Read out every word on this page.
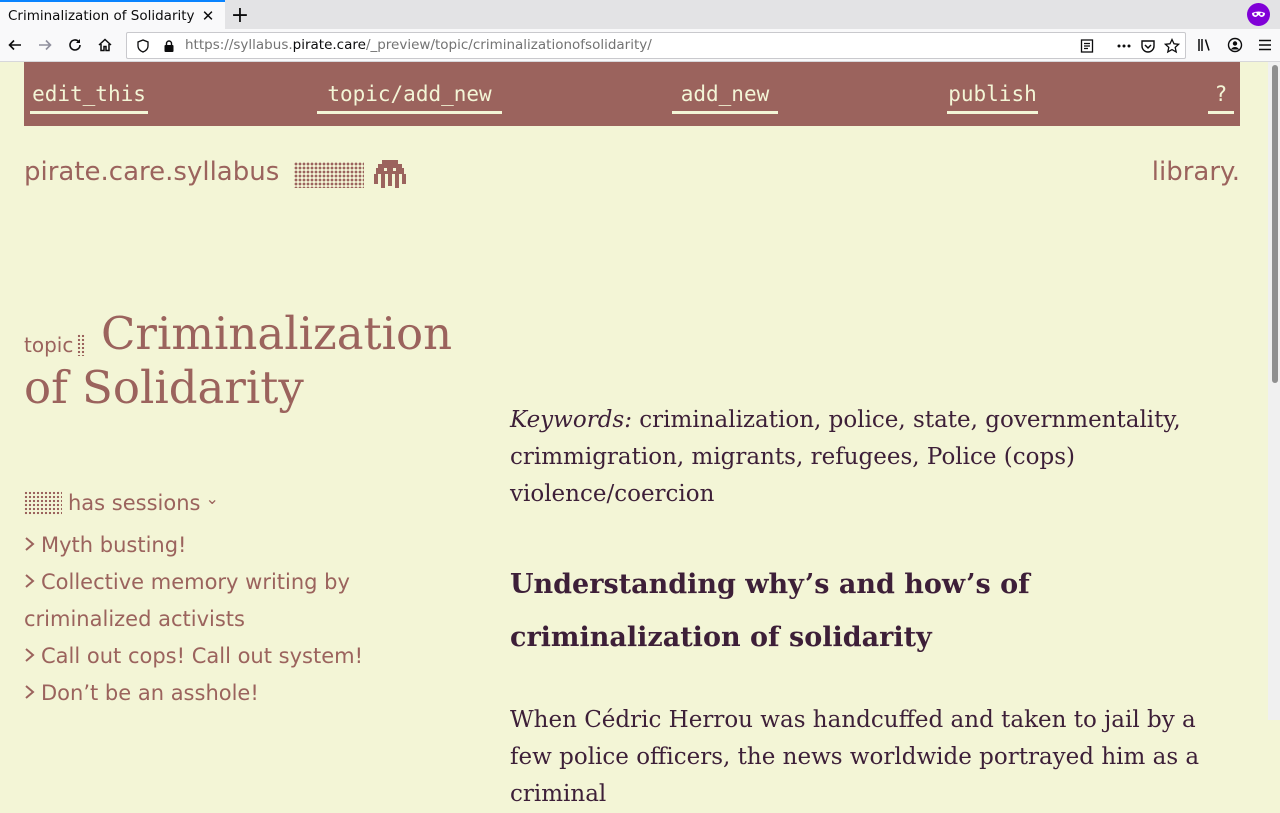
Criminalization of Solidarity ✕ +
https://syllabus.pirate.care/_preview/topic/criminalizationofsolidarity/
edit_this	topic/add_new	add_new	publish	?
pirate.care.syllabus	library.
Criminalization of Solidarity
topic
has sessions ⌄
Myth busting!
Collective memory writing by criminalized activists
Call out cops! Call out system!
Don’t be an asshole!

Keywords: criminalization, police, state, governmentality, crimmigration, migrants, refugees, Police (cops) violence/coercion

Understanding why’s and how’s of criminalization of solidarity

When Cédric Herrou was handcuffed and taken to jail by a few police officers, the news worldwide portrayed him as a criminal
